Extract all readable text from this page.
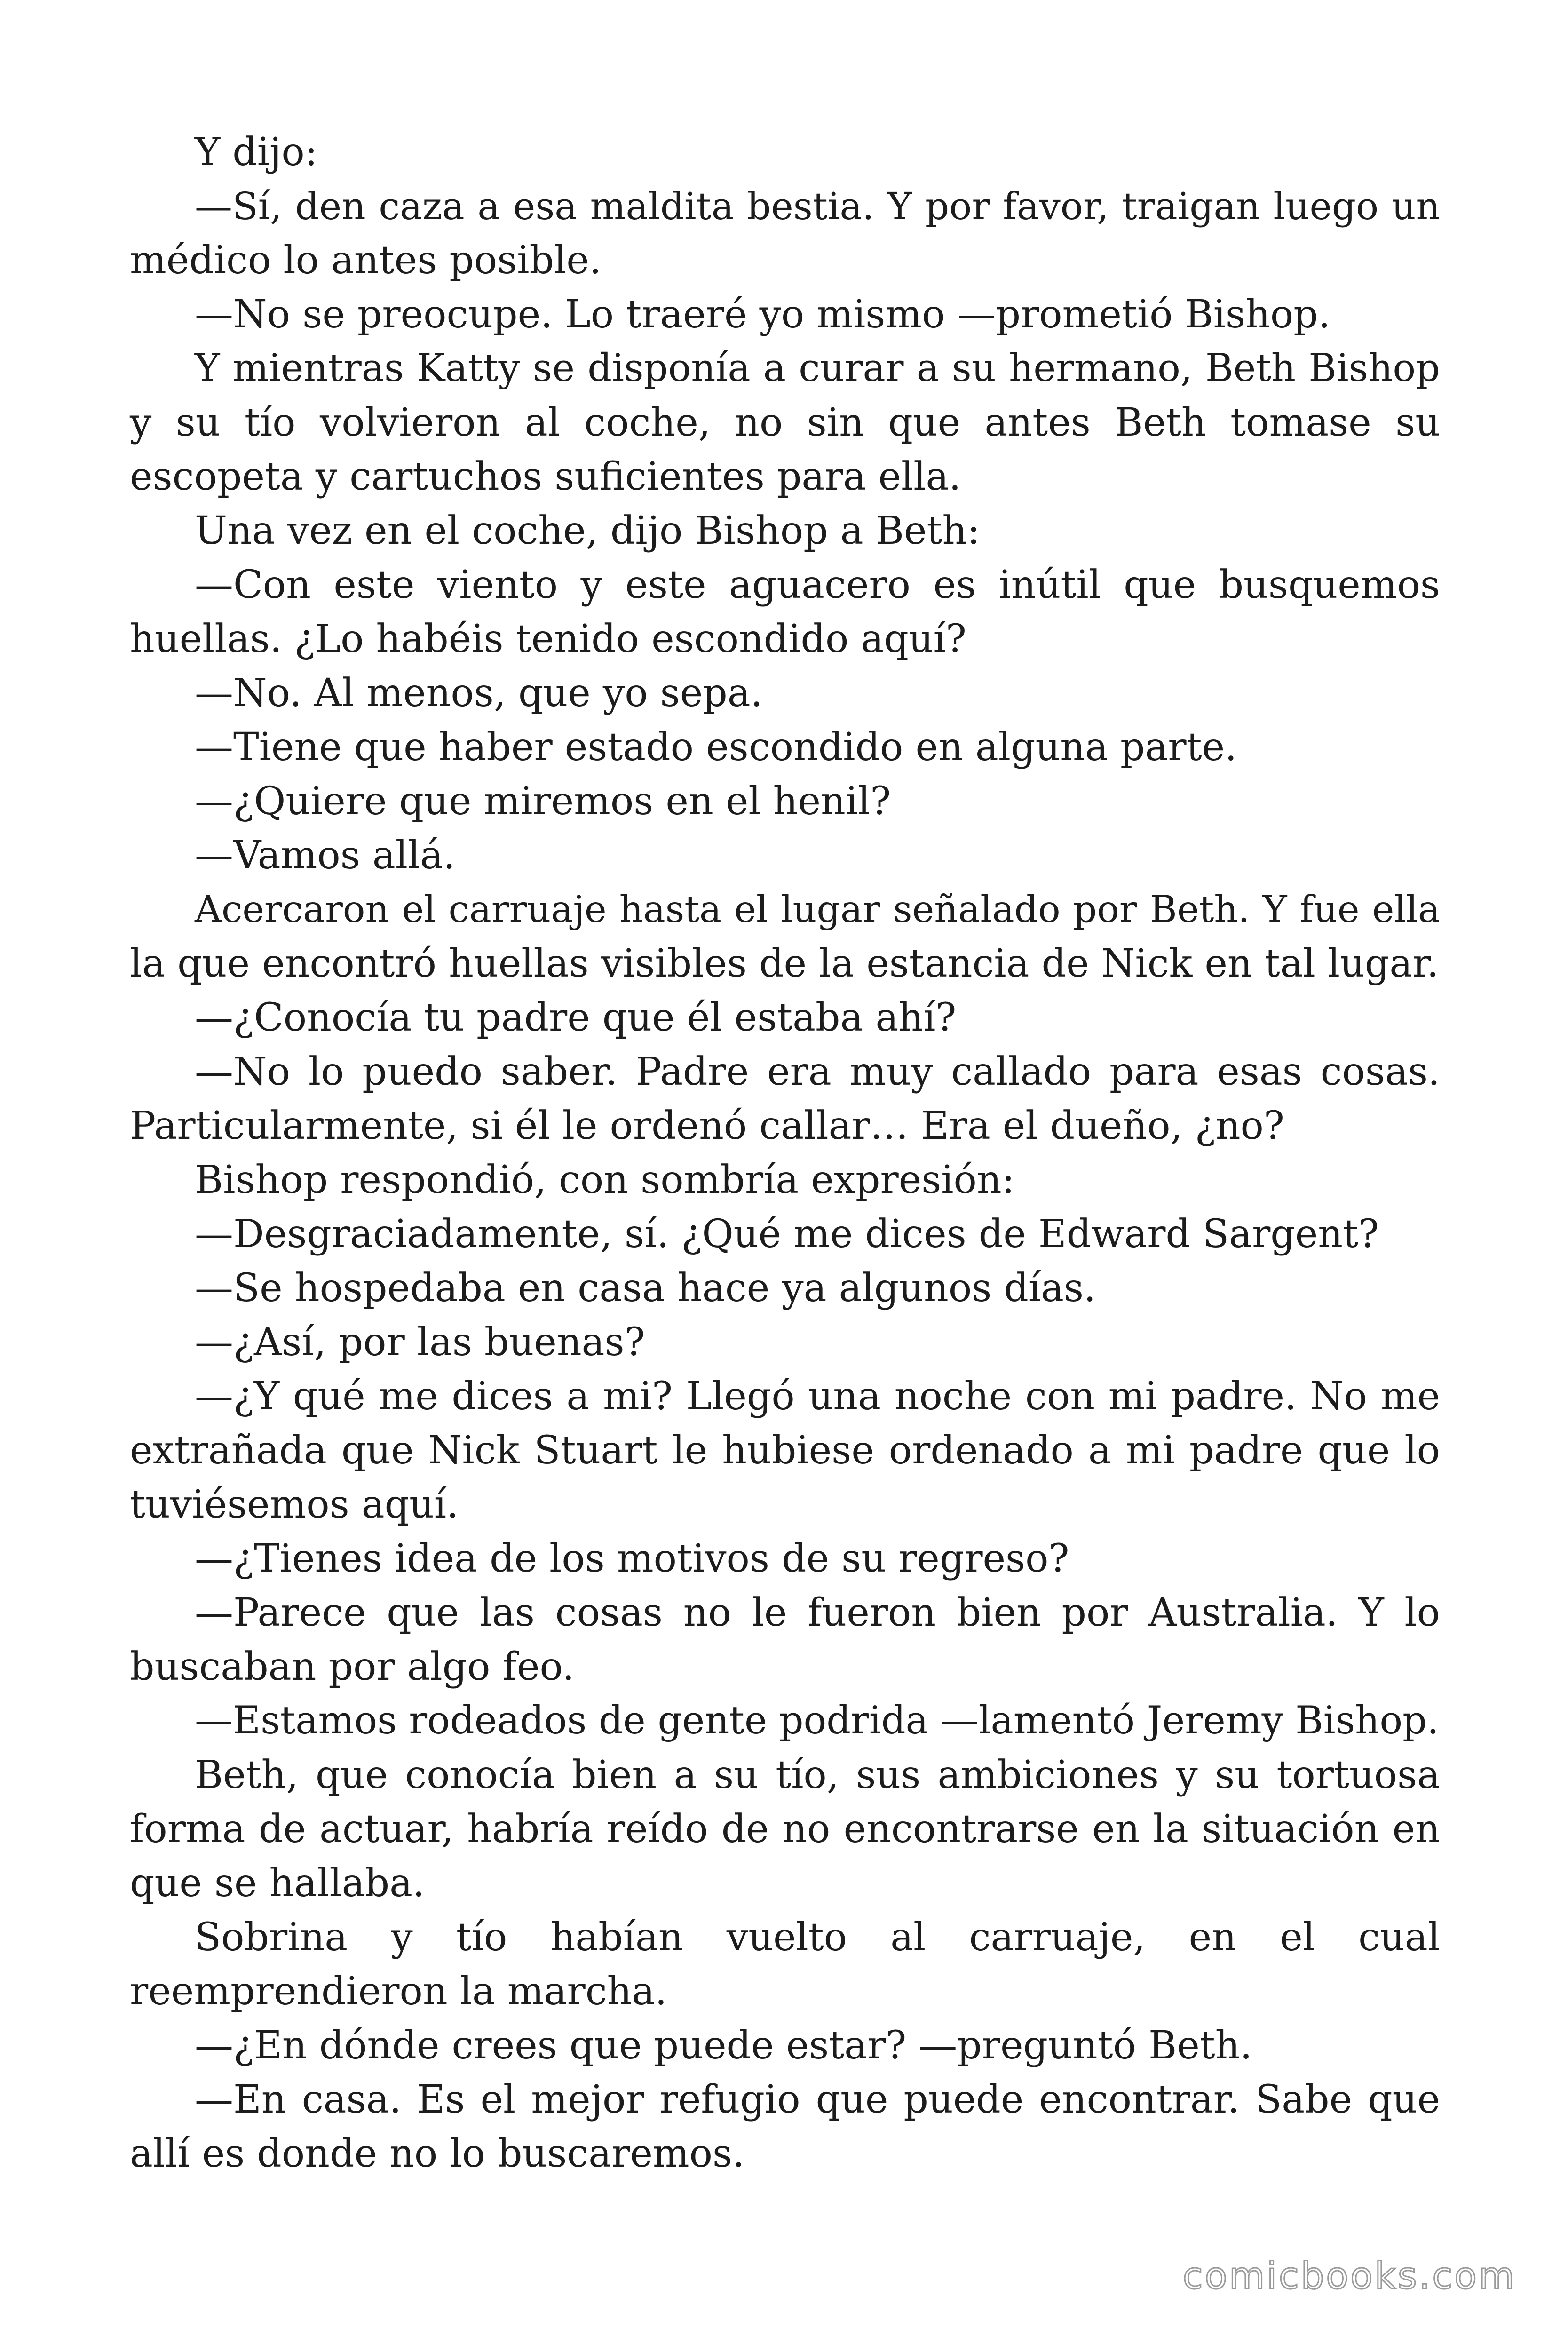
Y dijo:
—Sí, den caza a esa maldita bestia. Y por favor, traigan luego un
médico lo antes posible.
—No se preocupe. Lo traeré yo mismo —prometió Bishop.
Y mientras Katty se disponía a curar a su hermano, Beth Bishop
y su tío volvieron al coche, no sin que antes Beth tomase su
escopeta y cartuchos suficientes para ella.
Una vez en el coche, dijo Bishop a Beth:
—Con este viento y este aguacero es inútil que busquemos
huellas. ¿Lo habéis tenido escondido aquí?
—No. Al menos, que yo sepa.
—Tiene que haber estado escondido en alguna parte.
—¿Quiere que miremos en el henil?
—Vamos allá.
Acercaron el carruaje hasta el lugar señalado por Beth. Y fue ella
la que encontró huellas visibles de la estancia de Nick en tal lugar.
—¿Conocía tu padre que él estaba ahí?
—No lo puedo saber. Padre era muy callado para esas cosas.
Particularmente, si él le ordenó callar… Era el dueño, ¿no?
Bishop respondió, con sombría expresión:
—Desgraciadamente, sí. ¿Qué me dices de Edward Sargent?
—Se hospedaba en casa hace ya algunos días.
—¿Así, por las buenas?
—¿Y qué me dices a mi? Llegó una noche con mi padre. No me
extrañada que Nick Stuart le hubiese ordenado a mi padre que lo
tuviésemos aquí.
—¿Tienes idea de los motivos de su regreso?
—Parece que las cosas no le fueron bien por Australia. Y lo
buscaban por algo feo.
—Estamos rodeados de gente podrida —lamentó Jeremy Bishop.
Beth, que conocía bien a su tío, sus ambiciones y su tortuosa
forma de actuar, habría reído de no encontrarse en la situación en
que se hallaba.
Sobrina y tío habían vuelto al carruaje, en el cual
reemprendieron la marcha.
—¿En dónde crees que puede estar? —preguntó Beth.
—En casa. Es el mejor refugio que puede encontrar. Sabe que
allí es donde no lo buscaremos.
comicbooks.com
